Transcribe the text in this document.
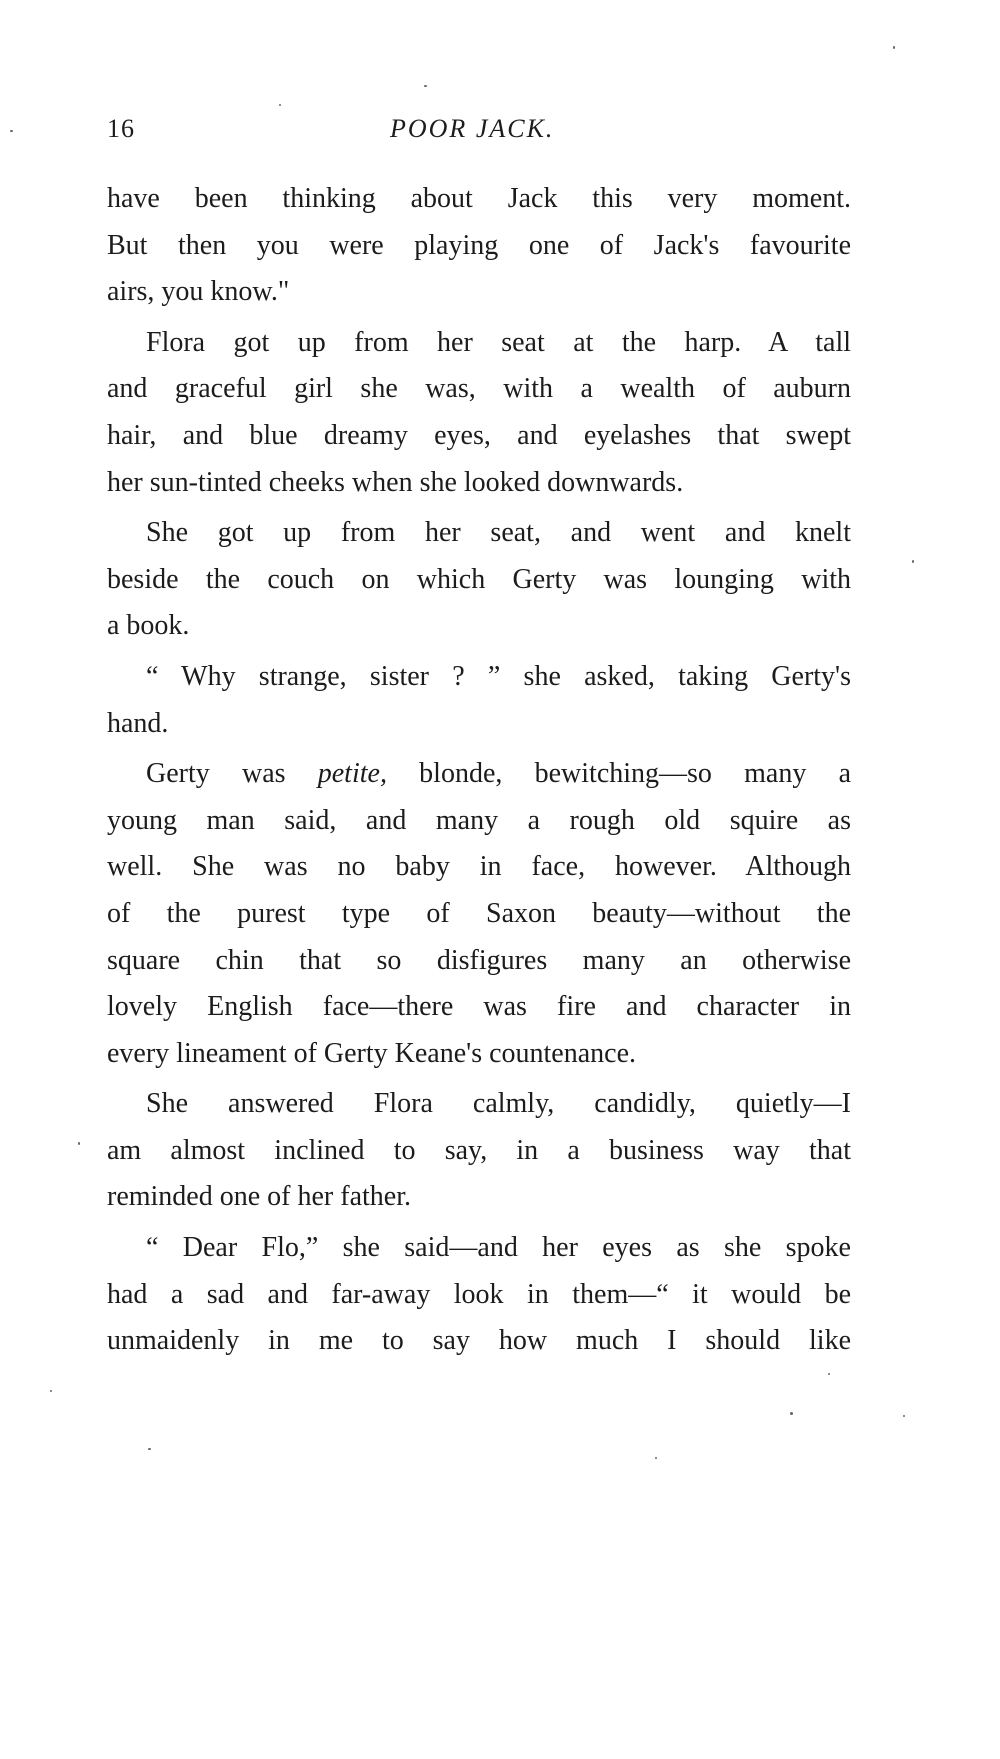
16	POOR JACK.
have been thinking about Jack this very moment.
But then you were playing one of Jack's favourite
airs, you know."
Flora got up from her seat at the harp. A tall
and graceful girl she was, with a wealth of auburn
hair, and blue dreamy eyes, and eyelashes that swept
her sun-tinted cheeks when she looked downwards.
She got up from her seat, and went and knelt
beside the couch on which Gerty was lounging with
a book.
“ Why strange, sister ? ” she asked, taking Gerty's
hand.
Gerty was petite, blonde, bewitching—so many a
young man said, and many a rough old squire as
well. She was no baby in face, however. Although
of the purest type of Saxon beauty—without the
square chin that so disfigures many an otherwise
lovely English face—there was fire and character in
every lineament of Gerty Keane's countenance.
She answered Flora calmly, candidly, quietly—I
am almost inclined to say, in a business way that
reminded one of her father.
“ Dear Flo,” she said—and her eyes as she spoke
had a sad and far-away look in them—“ it would be
unmaidenly in me to say how much I should like
